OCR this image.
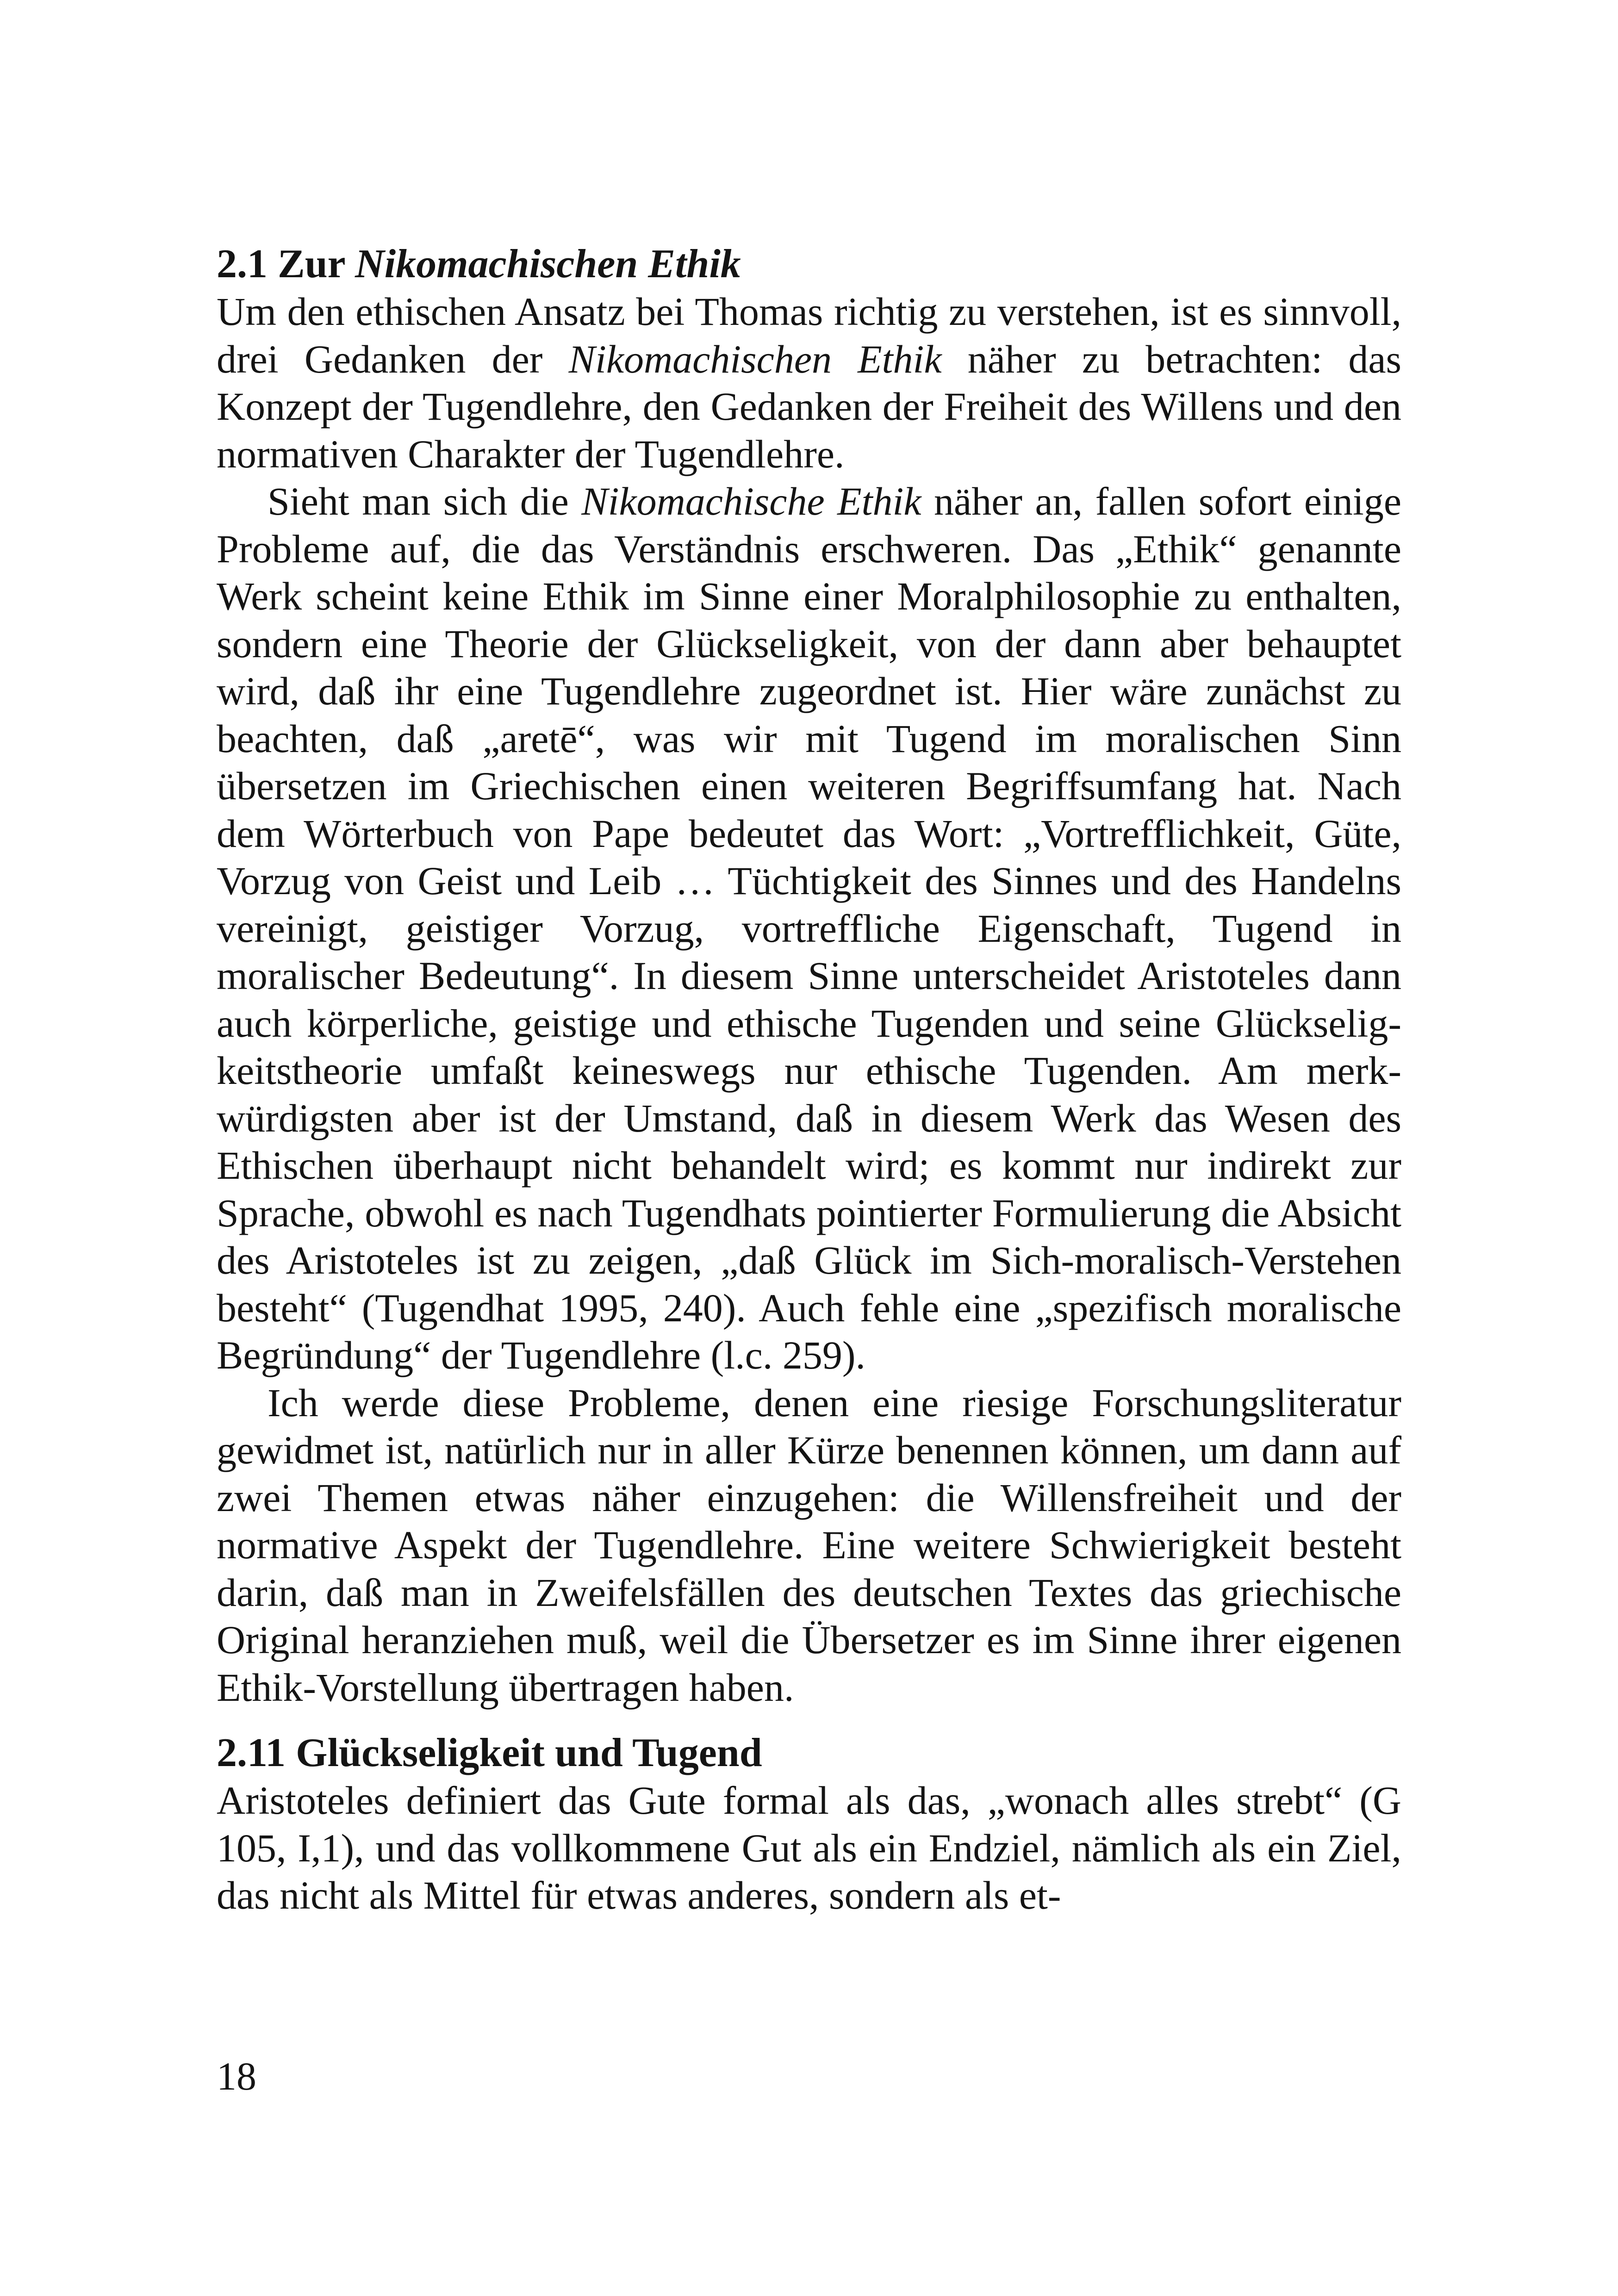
2.1 Zur Nikomachischen Ethik

Um den ethischen Ansatz bei Thomas richtig zu verstehen, ist es sinnvoll, drei Gedanken der Nikomachischen Ethik näher zu betrachten: das Konzept der Tugendlehre, den Gedanken der Freiheit des Willens und den normativen Charakter der Tugendlehre.

Sieht man sich die Nikomachische Ethik näher an, fallen sofort einige Probleme auf, die das Verständnis erschweren. Das „Ethik“ genannte Werk scheint keine Ethik im Sinne einer Moralphilosophie zu enthalten, sondern eine Theorie der Glückseligkeit, von der dann aber behauptet wird, daß ihr eine Tugendlehre zugeordnet ist. Hier wäre zunächst zu beachten, daß „aretē“, was wir mit Tugend im moralischen Sinn übersetzen im Griechischen einen weiteren Begriffsumfang hat. Nach dem Wörterbuch von Pape bedeutet das Wort: „Vortrefflichkeit, Güte, Vorzug von Geist und Leib … Tüchtigkeit des Sinnes und des Handelns vereinigt, geistiger Vorzug, vortreffliche Eigenschaft, Tugend in moralischer Bedeutung“. In diesem Sinne unterscheidet Aristoteles dann auch körperliche, geistige und ethische Tugenden und seine Glückseligkeitstheorie umfaßt keineswegs nur ethische Tugenden. Am merkwürdigsten aber ist der Umstand, daß in diesem Werk das Wesen des Ethischen überhaupt nicht behandelt wird; es kommt nur indirekt zur Sprache, obwohl es nach Tugendhats pointierter Formulierung die Absicht des Aristoteles ist zu zeigen, „daß Glück im Sich-moralisch-Verstehen besteht“ (Tugendhat 1995, 240). Auch fehle eine „spezifisch moralische Begründung“ der Tugendlehre (l.c. 259).

Ich werde diese Probleme, denen eine riesige Forschungsliteratur gewidmet ist, natürlich nur in aller Kürze benennen können, um dann auf zwei Themen etwas näher einzugehen: die Willensfreiheit und der normative Aspekt der Tugendlehre. Eine weitere Schwierigkeit besteht darin, daß man in Zweifelsfällen des deutschen Textes das griechische Original heranziehen muß, weil die Übersetzer es im Sinne ihrer eigenen Ethik-Vorstellung übertragen haben.

2.11 Glückseligkeit und Tugend

Aristoteles definiert das Gute formal als das, „wonach alles strebt“ (G 105, I,1), und das vollkommene Gut als ein Endziel, nämlich als ein Ziel, das nicht als Mittel für etwas anderes, sondern als et-

18
